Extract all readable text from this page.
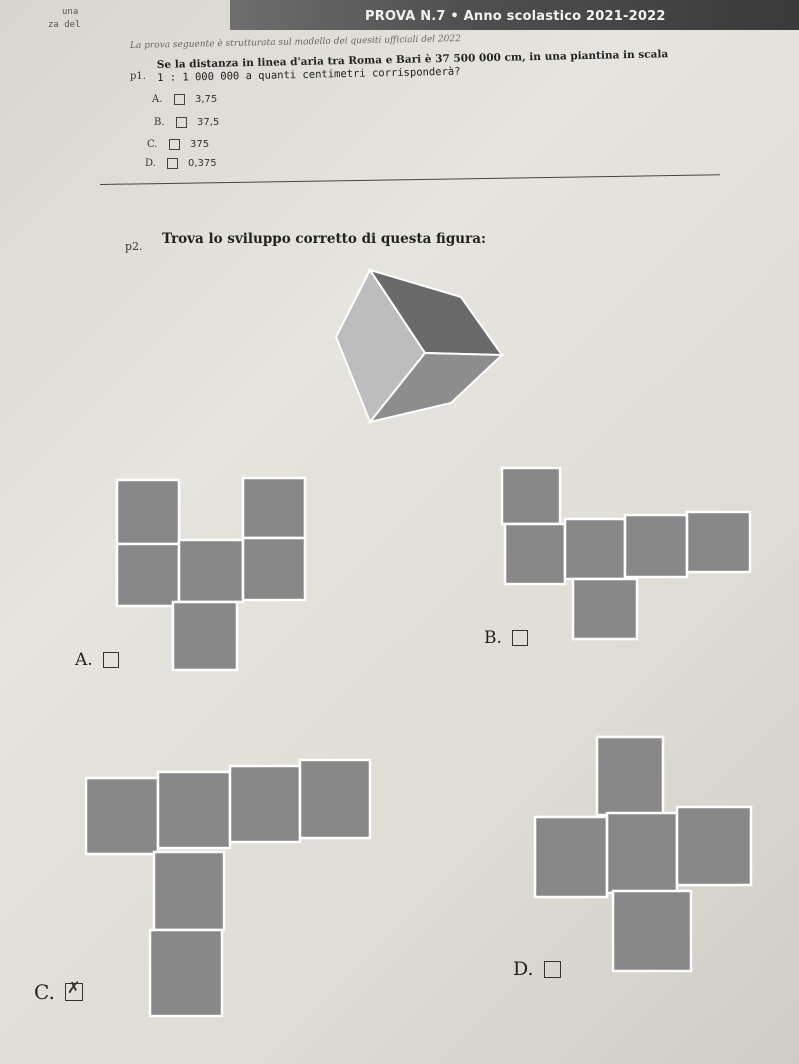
PROVA N.7 • Anno scolastico 2021-2022
una
za del
La prova seguente è strutturata sul modello dei quesiti ufficiali del 2022
p1.
Se la distanza in linea d'aria tra Roma e Bari è 37 500 000 cm, in una piantina in scala
1 : 1 000 000 a quanti centimetri corrisponderà?
A.	3,75
B.	37,5
C.	375
D.	0,375
p2. Trova lo sviluppo corretto di questa figura:
A.
B.
C. ✗
D.
